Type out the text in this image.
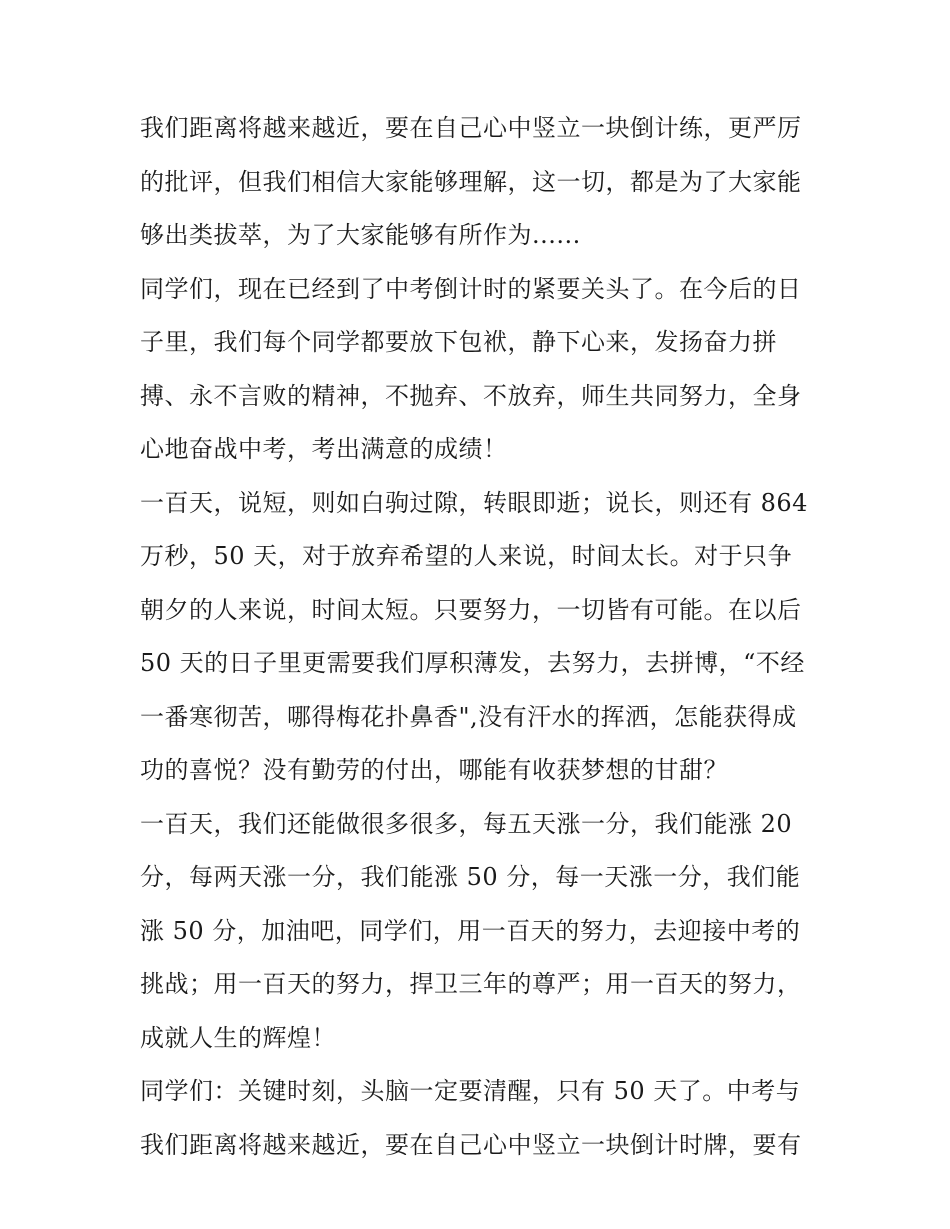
我们距离将越来越近，要在自己心中竖立一块倒计练，更严厉
的批评，但我们相信大家能够理解，这一切，都是为了大家能
够出类拔萃，为了大家能够有所作为......
同学们，现在已经到了中考倒计时的紧要关头了。在今后的日
子里，我们每个同学都要放下包袱，静下心来，发扬奋力拼
搏、永不言败的精神，不抛弃、不放弃，师生共同努力，全身
心地奋战中考，考出满意的成绩！
一百天，说短，则如白驹过隙，转眼即逝；说长，则还有 864
万秒，50 天，对于放弃希望的人来说，时间太长。对于只争
朝夕的人来说，时间太短。只要努力，一切皆有可能。在以后
50 天的日子里更需要我们厚积薄发，去努力，去拼博，“不经
一番寒彻苦，哪得梅花扑鼻香",没有汗水的挥洒，怎能获得成
功的喜悦？没有勤劳的付出，哪能有收获梦想的甘甜？
一百天，我们还能做很多很多，每五天涨一分，我们能涨 20
分，每两天涨一分，我们能涨 50 分，每一天涨一分，我们能
涨 50 分，加油吧，同学们，用一百天的努力，去迎接中考的
挑战；用一百天的努力，捍卫三年的尊严；用一百天的努力，
成就人生的辉煌！
同学们：关键时刻，头脑一定要清醒，只有 50 天了。中考与
我们距离将越来越近，要在自己心中竖立一块倒计时牌，要有
